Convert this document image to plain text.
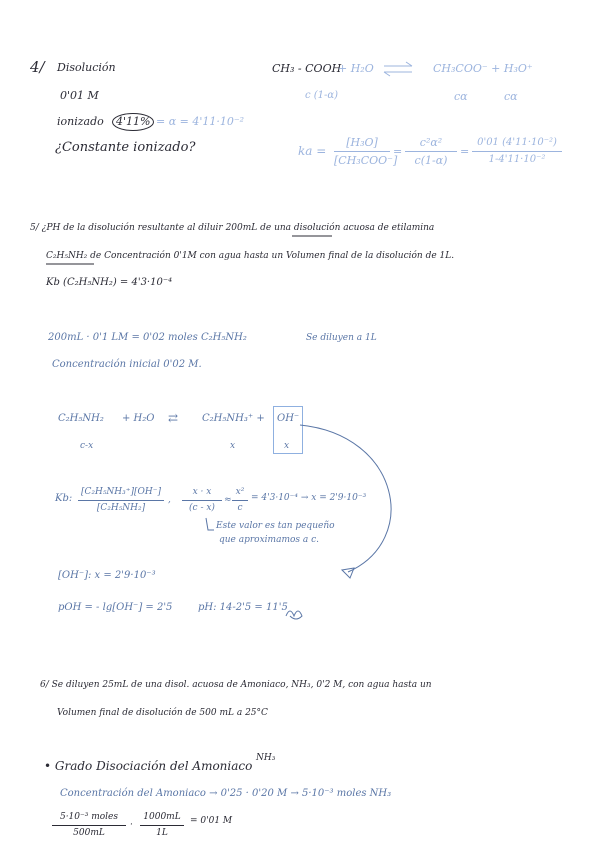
4/ Disolución
0'01 M
ionizado 4'11% = α = 4'11·10⁻²
¿Constante ionizado?
CH₃ - COOH
+ H₂O	CH₃COO⁻ + H₃O⁺
c (1-α)	cα	cα
ka =
[H₃O]
[CH₃COO⁻]
=
c²α²
c(1-α)
=
0'01 (4'11·10⁻²)
1-4'11·10⁻²
5/ ¿PH de la disolución resultante al diluir 200mL de una disolución acuosa de etilamina
C₂H₅NH₂ de Concentración 0'1M con agua hasta un Volumen final de la disolución de 1L.
Kb (C₂H₅NH₂) = 4'3·10⁻⁴
200mL · 0'1 LM = 0'02 moles C₂H₅NH₂	Se diluyen a 1L
Concentración inicial 0'02 M.
C₂H₅NH₂ + H₂O ⇄ C₂H₅NH₃⁺ + OH⁻
c-x	x	x
Kb:
[C₂H₅NH₃⁺][OH⁻]
[C₂H₅NH₂]
,
x · x
(c - x)
≈
x²
c
= 4'3·10⁻⁴ → x = 2'9·10⁻³
Este valor es tan pequeño
que aproximamos a c.
[OH⁻]: x = 2'9·10⁻³
pOH = - lg[OH⁻] = 2'5	pH: 14-2'5 = 11'5
6/ Se diluyen 25mL de una disol. acuosa de Amoniaco, NH₃, 0'2 M, con agua hasta un
Volumen final de disolución de 500 mL a 25°C
• Grado Disociación del Amoniaco
NH₃
Concentración del Amoniaco → 0'25 · 0'20 M → 5·10⁻³ moles NH₃
5·10⁻³ moles
500mL
·
1000mL
1L
= 0'01 M
